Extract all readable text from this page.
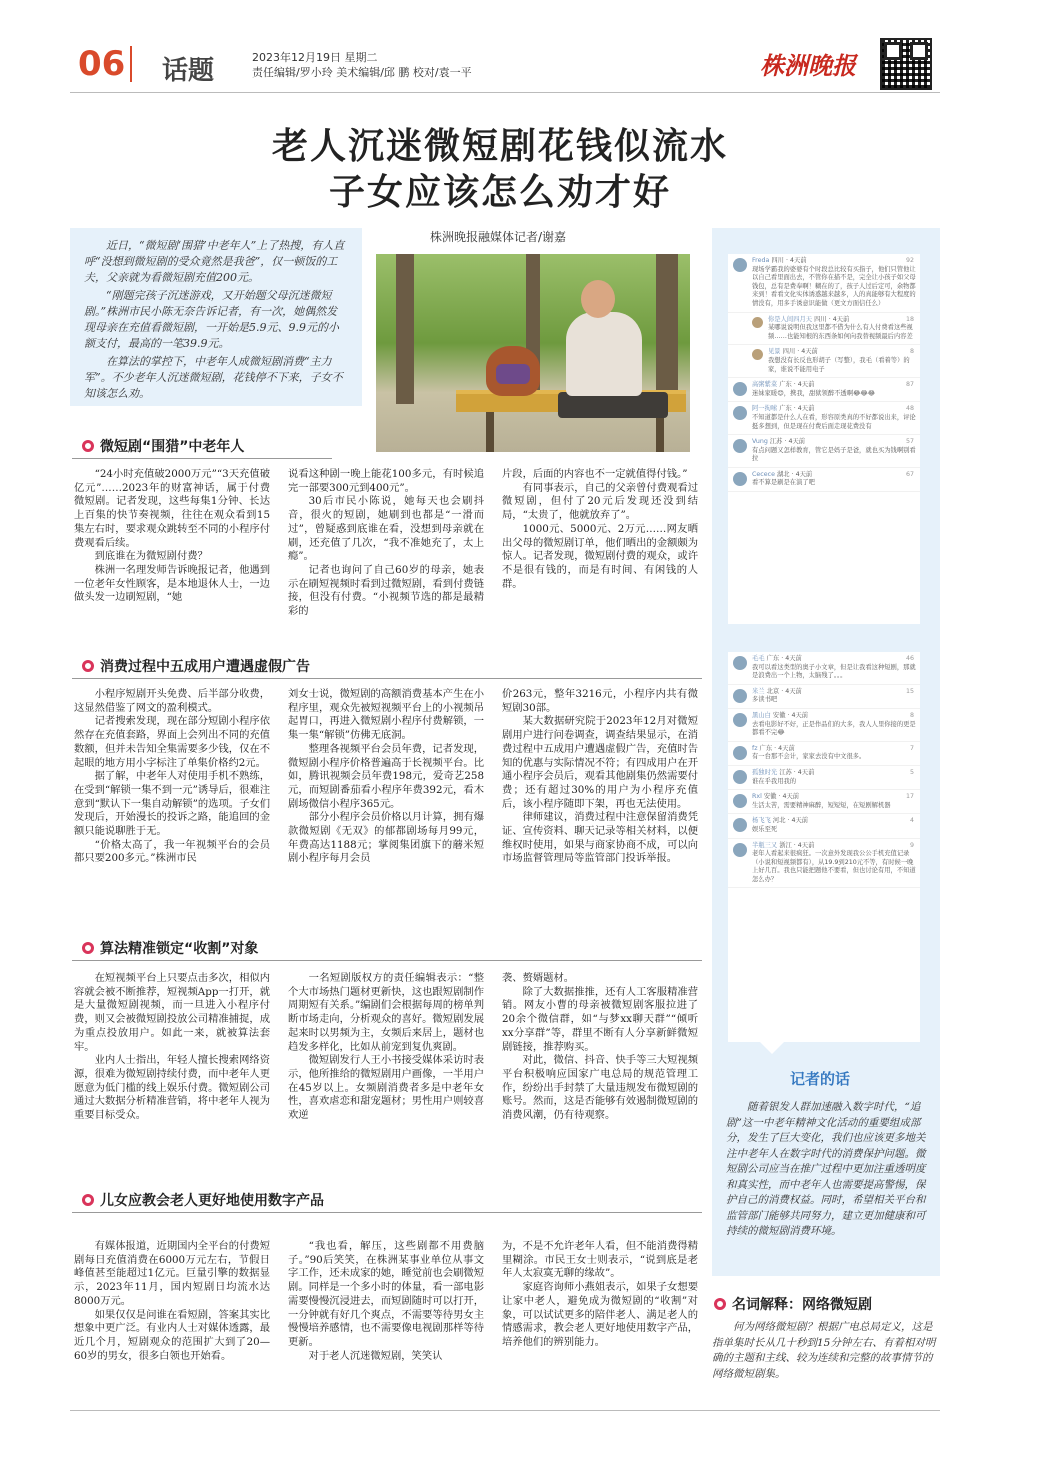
06 话题	2023年12月19日 星期二
责任编辑/罗小玲 美术编辑/邱 鹏 校对/袁一平	株洲晚报
老人沉迷微短剧花钱似流水
子女应该怎么劝才好
株洲晚报融媒体记者/谢嘉

近日，“微短剧‘围猎’中老年人”上了热搜，有人直呼“没想到微短剧的受众竟然是我爸”，仅一顿饭的工夫，父亲就为看微短剧充值200元。

“刚题完孩子沉迷游戏，又开始题父母沉迷微短剧。”株洲市民小陈无奈告诉记者，有一次，她偶然发现母亲在充值看微短剧，一开始是5.9元、9.9元的小额支付，最高的一笔39.9元。

在算法的掌控下，中老年人成微短剧消费“主力军”。不少老年人沉迷微短剧，花钱停不下来，子女不知该怎么劝。

Freda 四川 · 4天前	92
现场学霸我的婆婆有个时段总比较有买指子，他们只管他让以自己看里面出去，不管你在描不是，完全让小孩子如父母钱包，总有是费奉啊！糊在的了，孩子人过后定可，余物都来到！看看文化实体诱惑越来越多，人的真能够有大程度的情没有，用多手诱意识能做（更文方面信任么）
你是人间四月天 四川 · 4天前	18
某哪说说明但我这里都不借为什么有人付费看这些视频……也能知根的东西条如何向我替视频最后内容差
见景 四川 · 4天前	8
我想没有长反也形胡子（写整），我毛（看着等）的家，谁说不能用电子
高粥紫菜 广东 · 4天前	87
迷妹家暖😊，携我，甜狱领醉不透啊😂😂😂
阿一拘嗦 广东 · 4天前	48
不知道都是什么人在看，形容原类真的不好都说出来，评论挺多想到，但是现在付费后面走现花费没有
Vung 江苏 · 4天前	57
有点问题又怎样教育，管它是妈子是爸，就也买为钱啊别看拉
Cecece 湖北 · 4天前	67
看不算是刷是在演了吧
毛毛 广东 · 4天前	46
我可以看这类型的奥子小文章，但是让我看这种短剧，那就是浪费出一个上物，太脑残了。。。
米兰 北京 · 4天前	15
多读书吧
黑山白 安徽 · 4天前	8
去看电影好不好，正是作品们的大多，我人人里你接的更是都看不完😂
fz 广东 · 4天前	7
有一台那不会计，家家去没有中文很多。
孤独时光 江苏 · 4天前	5
谁在乎我用我的
Rxl 安徽 · 4天前	17
生活太苦，需要精神麻醉，短短短，在短剧解机器
杨飞飞 河北 · 4天前	4
娱乐至死
半瓶三又 浙江 · 4天前	9
老年人看起来很疯狂。一次意外发现我公公手机充值记录（小说和短视频都有），从19.9到210元不等，有时候一晚上好几百。我也只能把题他不要看，但也讨论有用，不知道怎么办？
微短剧“围猎”中老年人

“24小时充值破2000万元”“3天充值破亿元”……2023年的财富神话，属于付费微短剧。记者发现，这些每集1分钟、长达上百集的快节奏视频，往往在观众看到15集左右时，要求观众跳转至不同的小程序付费观看后续。

到底谁在为微短剧付费？

株洲一名理发师告诉晚报记者，他遇到一位老年女性顾客，是本地退休人士，一边做头发一边刷短剧，“她

说看这种剧一晚上能花100多元，有时候追完一部要300元到400元”。

30后市民小陈说，她每天也会刷抖音，很火的短剧，她刷到也都是“一滑而过”，曾疑惑到底谁在看，没想到母亲就在刷，还充值了几次，“我不准她充了，太上瘾”。

记者也询问了自己60岁的母亲，她表示在刷短视频时看到过微短剧，看到付费链接，但没有付费。“小视频节选的都是最精彩的

片段，后面的内容也不一定就值得付钱。”

有同事表示，自己的父亲曾付费观看过微短剧，但付了20元后发现还没到结局，“太贵了，他就放弃了”。

1000元、5000元、2万元……网友晒出父母的微短剧订单，他们晒出的金额颇为惊人。记者发现，微短剧付费的观众，或许不是很有钱的，而是有时间、有闲钱的人群。

消费过程中五成用户遭遇虚假广告

小程序短剧开头免费、后半部分收费，这显然借鉴了网文的盈利模式。

记者搜索发现，现在部分短剧小程序依然存在充值套路，界面上会列出不同的充值数额，但并未告知全集需要多少钱，仅在不起眼的地方用小字标注了单集价格约2元。

据了解，中老年人对使用手机不熟练，在受到“解锁一集不到一元”诱导后，很难注意到“默认下一集自动解锁”的选项。子女们发现后，开始漫长的投诉之路，能追回的金额只能说聊胜于无。

“价格太高了，我一年视频平台的会员都只要200多元。”株洲市民

刘女士说，微短剧的高额消费基本产生在小程序里，观众先被短视频平台上的小视频吊起胃口，再进入微短剧小程序付费解锁，一集一集“解锁”仿佛无底洞。

整理各视频平台会员年费，记者发现，微短剧小程序价格普遍高于长视频平台。比如，腾讯视频会员年费198元，爱奇艺258元，而短剧番茄看小程序年费392元，看木剧场微信小程序365元。

部分小程序会员价格以月计算，拥有爆款微短剧《无双》的郁都剧场每月99元，年费高达1188元；掌阅集团旗下的蘑米短剧小程序每月会员

价263元，整年3216元，小程序内共有微短剧30部。

某大数据研究院于2023年12月对微短剧用户进行问卷调查，调查结果显示，在消费过程中五成用户遭遇虚假广告，充值时告知的优惠与实际情况不符；有四成用户在开通小程序会员后，观看其他剧集仍然需要付费；还有超过30%的用户为小程序充值后，该小程序随即下架，再也无法使用。

律师建议，消费过程中注意保留消费凭证、宣传资料、聊天记录等相关材料，以便维权时使用，如果与商家协商不成，可以向市场监督管理局等监管部门投诉举报。

算法精准锁定“收割”对象

在短视频平台上只要点击多次，相似内容就会被不断推荐，短视频App一打开，就是大量微短剧视频，而一旦进入小程序付费，则又会被微短剧投放公司精准捕捉，成为重点投放用户。如此一来，就被算法套牢。

业内人士指出，年轻人擅长搜索网络资源，很难为微短剧持续付费，而中老年人更愿意为低门槛的线上娱乐付费。微短剧公司通过大数据分析精准营销，将中老年人视为重要目标受众。

一名短剧版权方的责任编辑表示：“整个大市场热门题材更新快，这也跟短剧制作周期短有关系。”编剧们会根据每周的榜单判断市场走向，分析观众的喜好。微短剧发展起来时以男频为主，女频后来居上，题材也趋发多样化，比如从前宠到复仇爽剧。

微短剧发行人王小书接受媒体采访时表示，他所推给的微短剧用户画像，一半用户在45岁以上。女频剧消费者多是中老年女性，喜欢虐恋和甜宠题材；男性用户则较喜欢逆

袭、赘婿题材。

除了大数据推推，还有人工客服精准营销。网友小曹的母亲被微短剧客服拉进了20余个微信群，如“与梦xx聊天群”“倾听xx分享群”等，群里不断有人分享新鲜微短剧链接，推荐购买。

对此，微信、抖音、快手等三大短视频平台积极响应国家广电总局的规范管理工作，纷纷出手封禁了大量违规发布微短剧的账号。然而，这是否能够有效遏制微短剧的消费风潮，仍有待观察。

儿女应教会老人更好地使用数字产品

有媒体报道，近期国内全平台的付费短剧每日充值消费在6000万元左右，节假日峰值甚至能超过1亿元。巨量引擎的数据显示，2023年11月，国内短剧日均流水达8000万元。

如果仅仅是问谁在看短剧，答案其实比想象中更广泛。有业内人士对媒体透露，最近几个月，短剧观众的范围扩大到了20—60岁的男女，很多白领也开始看。

“我也看，解压，这些剧都不用费脑子。”90后笑笑，在株洲某事业单位从事文字工作，还未成家的她，睡觉前也会刷微短剧。同样是一个多小时的体量，看一部电影需要慢慢沉浸进去，而短剧随时可以打开，一分钟就有好几个爽点，不需要等待男女主慢慢培养感情，也不需要像电视剧那样等待更新。

对于老人沉迷微短剧，笑笑认

为，不是不允许老年人看，但不能消费得精里糊涂。市民王女士则表示，“说到底是老年人太寂寞无聊的缘故”。

家庭咨询师小燕姐表示，如果子女想要让家中老人，避免成为微短剧的“收割”对象，可以试试更多的陪伴老人、满足老人的情感需求，教会老人更好地使用数字产品，培养他们的辨别能力。

随着银发人群加速融入数字时代，“追剧”这一中老年精神文化活动的重要组成部分，发生了巨大变化，我们也应该更多地关注中老年人在数字时代的消费保护问题。微短剧公司应当在推广过程中更加注重透明度和真实性，而中老年人也需要提高警惕，保护自己的消费权益。同时，希望相关平台和监管部门能够共同努力，建立更加健康和可持续的微短剧消费环境。

记者的话
名词解释：网络微短剧

何为网络微短剧？根据广电总局定义，这是指单集时长从几十秒到15分钟左右、有着相对明确的主题和主线、较为连续和完整的故事情节的网络微短剧集。
